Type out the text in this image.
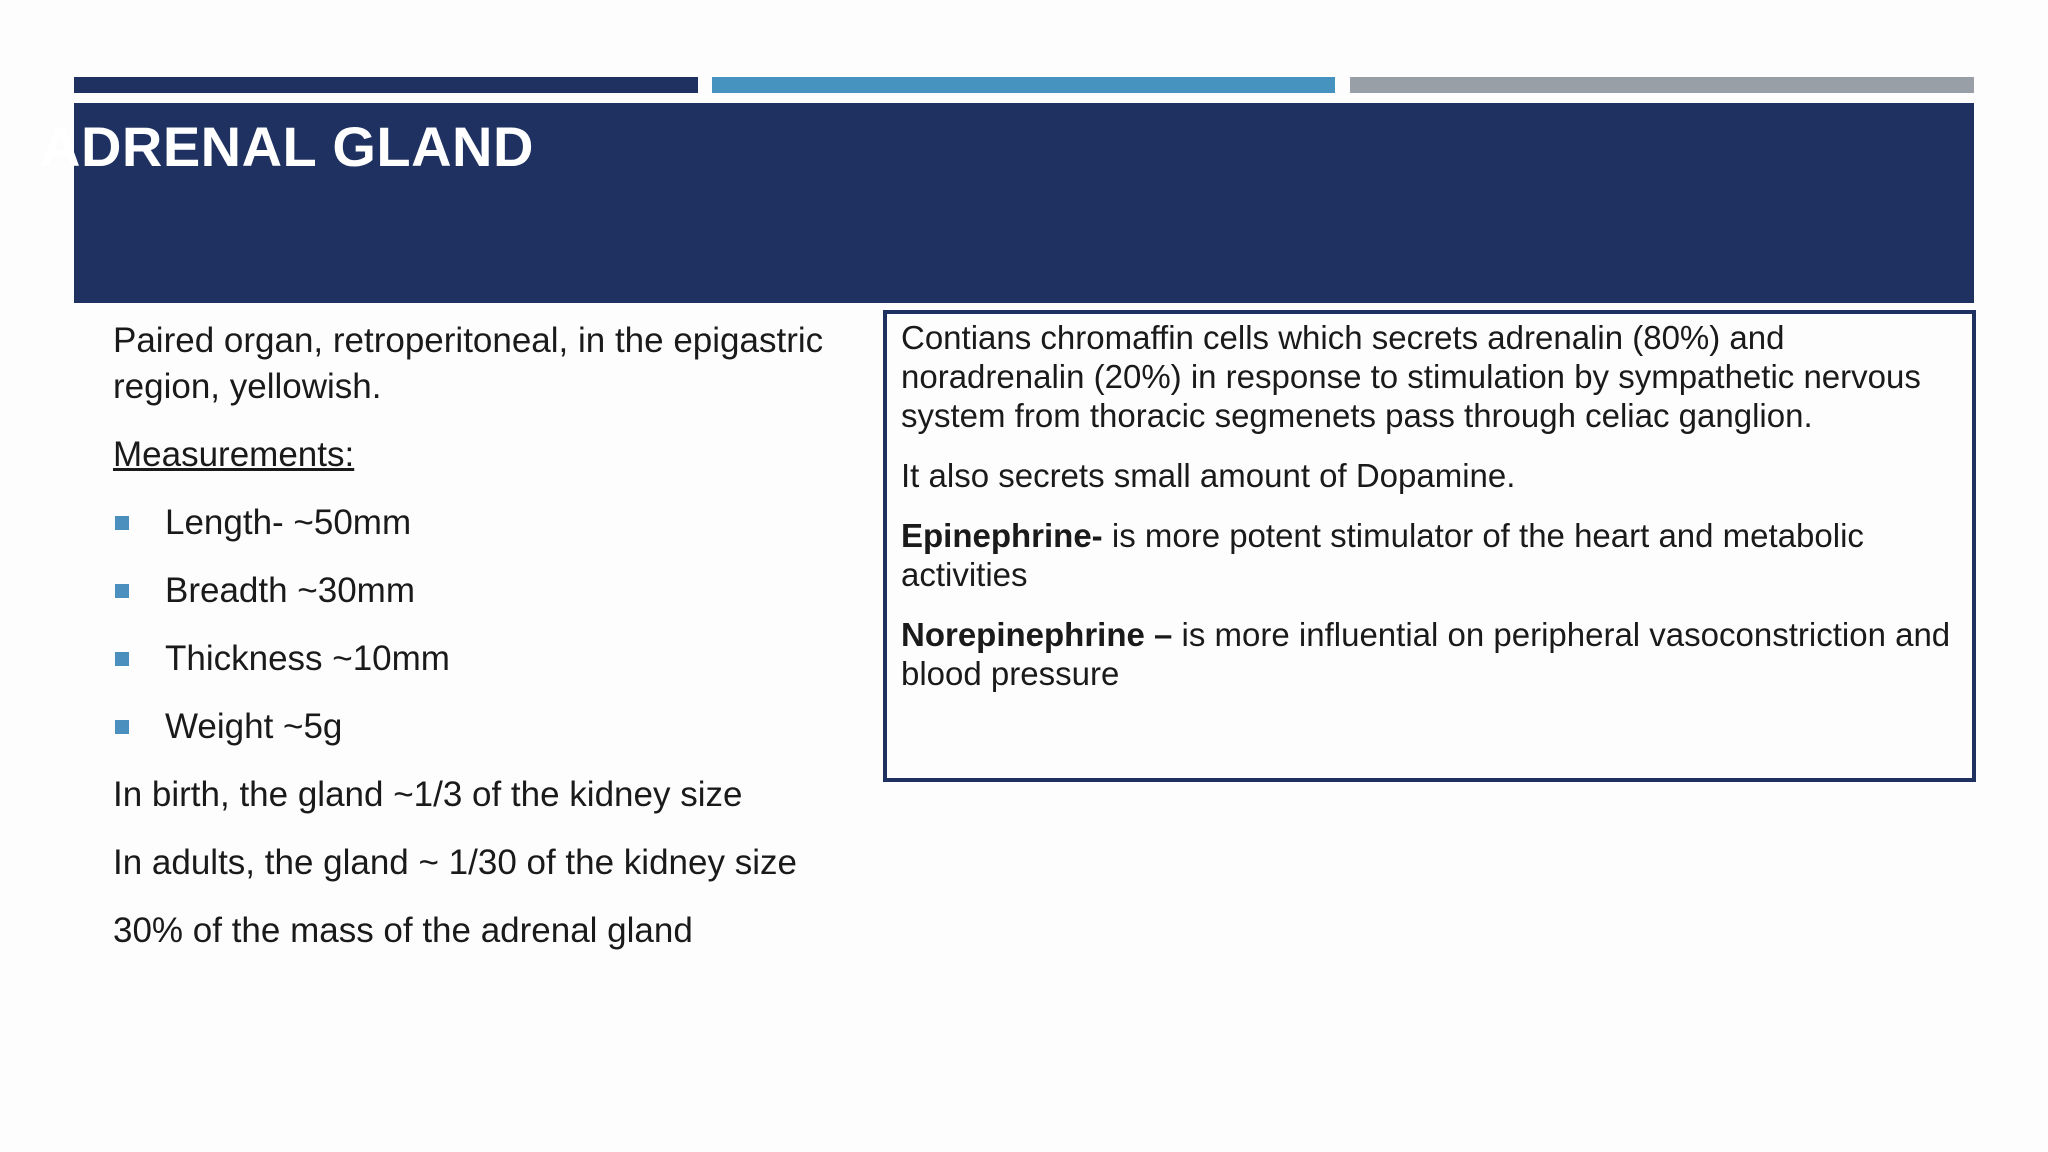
ADRENAL GLAND

Paired organ, retroperitoneal, in the epigastric region, yellowish.

Measurements:

Length- ~50mm
Breadth ~30mm
Thickness ~10mm
Weight ~5g

In birth, the gland ~1/3 of the kidney size

In adults, the gland ~ 1/30 of the kidney size

30% of the mass of the adrenal gland

Contians chromaffin cells which secrets adrenalin (80%) and noradrenalin (20%) in response to stimulation by sympathetic nervous system from thoracic segmenets pass through celiac ganglion.

It also secrets small amount of Dopamine.

Epinephrine- is more potent stimulator of the heart and metabolic activities

Norepinephrine – is more influential on peripheral vasoconstriction and blood pressure
